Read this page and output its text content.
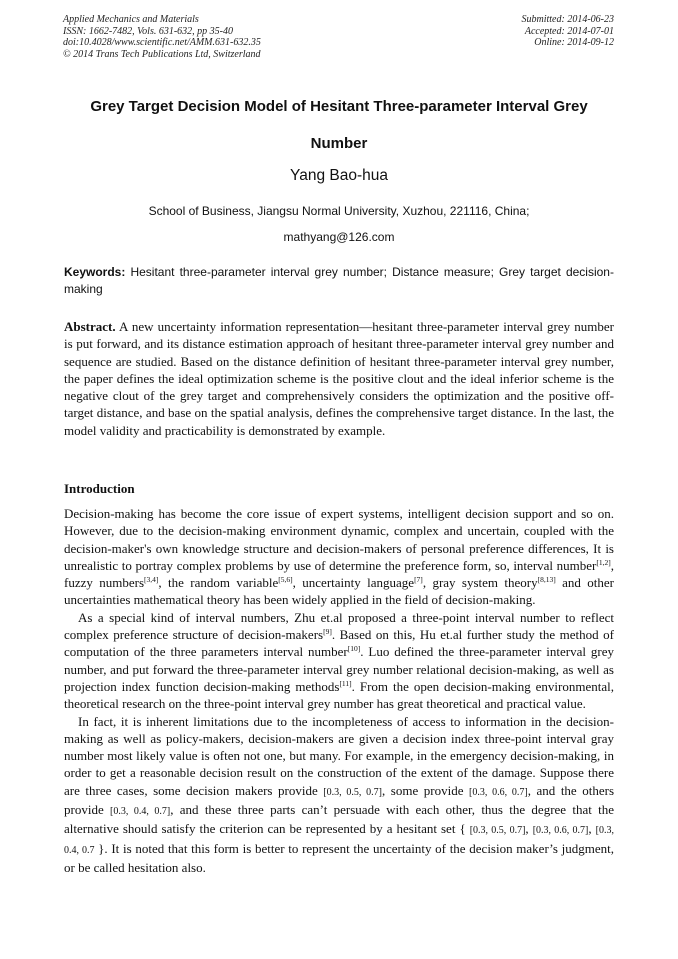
Applied Mechanics and Materials
ISSN: 1662-7482, Vols. 631-632, pp 35-40
doi:10.4028/www.scientific.net/AMM.631-632.35
© 2014 Trans Tech Publications Ltd, Switzerland
Submitted: 2014-06-23
Accepted: 2014-07-01
Online: 2014-09-12
Grey Target Decision Model of Hesitant Three-parameter Interval Grey
Number
Yang Bao-hua
School of Business, Jiangsu Normal University, Xuzhou, 221116, China;
mathyang@126.com
Keywords: Hesitant three-parameter interval grey number; Distance measure; Grey target decision-making
Abstract. A new uncertainty information representation—hesitant three-parameter interval grey number is put forward, and its distance estimation approach of hesitant three-parameter interval grey number and sequence are studied. Based on the distance definition of hesitant three-parameter interval grey number, the paper defines the ideal optimization scheme is the positive clout and the ideal inferior scheme is the negative clout of the grey target and comprehensively considers the optimization and the positive off-target distance, and base on the spatial analysis, defines the comprehensive target distance. In the last, the model validity and practicability is demonstrated by example.
Introduction

Decision-making has become the core issue of expert systems, intelligent decision support and so on. However, due to the decision-making environment dynamic, complex and uncertain, coupled with the decision-maker's own knowledge structure and decision-makers of personal preference differences, It is unrealistic to portray complex problems by use of determine the preference form, so, interval number[1,2], fuzzy numbers[3,4], the random variable[5,6], uncertainty language[7], gray system theory[8,13] and other uncertainties mathematical theory has been widely applied in the field of decision-making.

As a special kind of interval numbers, Zhu et.al proposed a three-point interval number to reflect complex preference structure of decision-makers[9]. Based on this, Hu et.al further study the method of computation of the three parameters interval number[10]. Luo defined the three-parameter interval grey number, and put forward the three-parameter interval grey number relational decision-making, as well as projection index function decision-making methods[11]. From the open decision-making environmental, theoretical research on the three-point interval grey number has great theoretical and practical value.

In fact, it is inherent limitations due to the incompleteness of access to information in the decision-making as well as policy-makers, decision-makers are given a decision index three-point interval gray number most likely value is often not one, but many. For example, in the emergency decision-making, in order to get a reasonable decision result on the construction of the extent of the damage. Suppose there are three cases, some decision makers provide [0.3, 0.5, 0.7], some provide [0.3, 0.6, 0.7], and the others provide [0.3, 0.4, 0.7], and these three parts can’t persuade with each other, thus the degree that the alternative should satisfy the criterion can be represented by a hesitant set { [0.3, 0.5, 0.7], [0.3, 0.6, 0.7], [0.3, 0.4, 0.7 }. It is noted that this form is better to represent the uncertainty of the decision maker’s judgment, or be called hesitation also.
